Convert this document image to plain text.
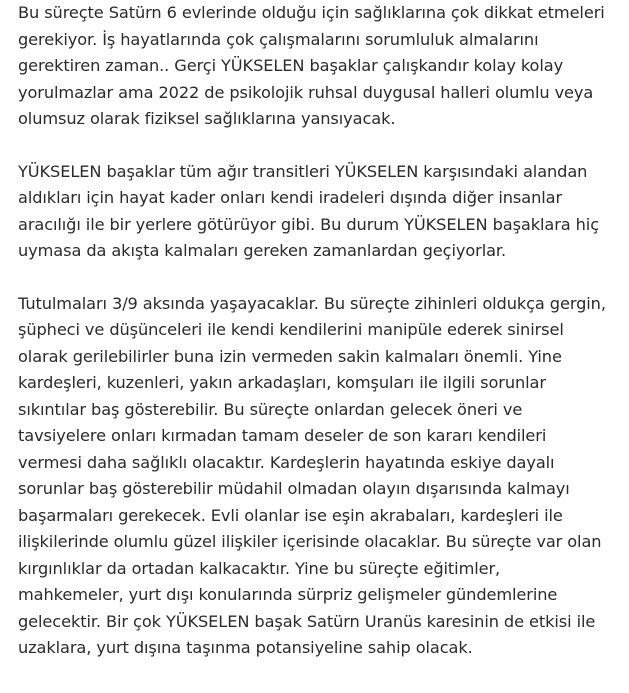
Bu süreçte Satürn 6 evlerinde olduğu için sağlıklarına çok dikkat etmeleri
gerekiyor. İş hayatlarında çok çalışmalarını sorumluluk almalarını
gerektiren zaman.. Gerçi YÜKSELEN başaklar çalışkandır kolay kolay
yorulmazlar ama 2022 de psikolojik ruhsal duygusal halleri olumlu veya
olumsuz olarak fiziksel sağlıklarına yansıyacak.

YÜKSELEN başaklar tüm ağır transitleri YÜKSELEN karşısındaki alandan
aldıkları için hayat kader onları kendi iradeleri dışında diğer insanlar
aracılığı ile bir yerlere götürüyor gibi. Bu durum YÜKSELEN başaklara hiç
uymasa da akışta kalmaları gereken zamanlardan geçiyorlar.

Tutulmaları 3/9 aksında yaşayacaklar. Bu süreçte zihinleri oldukça gergin,
şüpheci ve düşünceleri ile kendi kendilerini manipüle ederek sinirsel
olarak gerilebilirler buna izin vermeden sakin kalmaları önemli. Yine
kardeşleri, kuzenleri, yakın arkadaşları, komşuları ile ilgili sorunlar
sıkıntılar baş gösterebilir. Bu süreçte onlardan gelecek öneri ve
tavsiyelere onları kırmadan tamam deseler de son kararı kendileri
vermesi daha sağlıklı olacaktır. Kardeşlerin hayatında eskiye dayalı
sorunlar baş gösterebilir müdahil olmadan olayın dışarısında kalmayı
başarmaları gerekecek. Evli olanlar ise eşin akrabaları, kardeşleri ile
ilişkilerinde olumlu güzel ilişkiler içerisinde olacaklar. Bu süreçte var olan
kırgınlıklar da ortadan kalkacaktır. Yine bu süreçte eğitimler,
mahkemeler, yurt dışı konularında sürpriz gelişmeler gündemlerine
gelecektir. Bir çok YÜKSELEN başak Satürn Uranüs karesinin de etkisi ile
uzaklara, yurt dışına taşınma potansiyeline sahip olacak.
